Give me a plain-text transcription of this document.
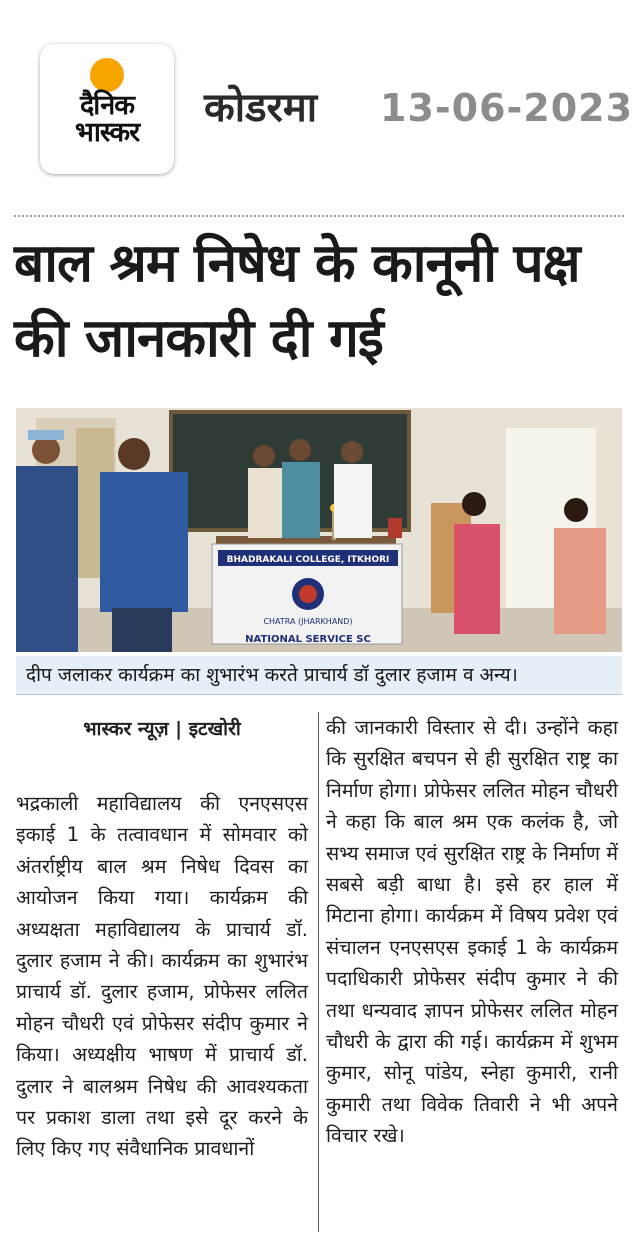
दैनिक
भास्कर
कोडरमा 13-06-2023
बाल श्रम निषेध के कानूनी पक्ष की जानकारी दी गई
BHADRAKALI COLLEGE, ITKHORI
CHATRA (JHARKHAND)
NATIONAL SERVICE SC
दीप जलाकर कार्यक्रम का शुभारंभ करते प्राचार्य डॉ दुलार हजाम व अन्य।
भास्कर न्यूज़ | इटखोरी

भद्रकाली महाविद्यालय की एनएसएस इकाई 1 के तत्वावधान में सोमवार को अंतर्राष्ट्रीय बाल श्रम निषेध दिवस का आयोजन किया गया। कार्यक्रम की अध्यक्षता महाविद्यालय के प्राचार्य डॉ. दुलार हजाम ने की। कार्यक्रम का शुभारंभ प्राचार्य डॉ. दुलार हजाम, प्रोफेसर ललित मोहन चौधरी एवं प्रोफेसर संदीप कुमार ने किया। अध्यक्षीय भाषण में प्राचार्य डॉ. दुलार ने बालश्रम निषेध की आवश्यकता पर प्रकाश डाला तथा इसे दूर करने के लिए किए गए संवैधानिक प्रावधानों

की जानकारी विस्तार से दी। उन्होंने कहा कि सुरक्षित बचपन से ही सुरक्षित राष्ट्र का निर्माण होगा। प्रोफेसर ललित मोहन चौधरी ने कहा कि बाल श्रम एक कलंक है, जो सभ्य समाज एवं सुरक्षित राष्ट्र के निर्माण में सबसे बड़ी बाधा है। इसे हर हाल में मिटाना होगा। कार्यक्रम में विषय प्रवेश एवं संचालन एनएसएस इकाई 1 के कार्यक्रम पदाधिकारी प्रोफेसर संदीप कुमार ने की तथा धन्यवाद ज्ञापन प्रोफेसर ललित मोहन चौधरी के द्वारा की गई। कार्यक्रम में शुभम कुमार, सोनू पांडेय, स्नेहा कुमारी, रानी कुमारी तथा विवेक तिवारी ने भी अपने विचार रखे।
